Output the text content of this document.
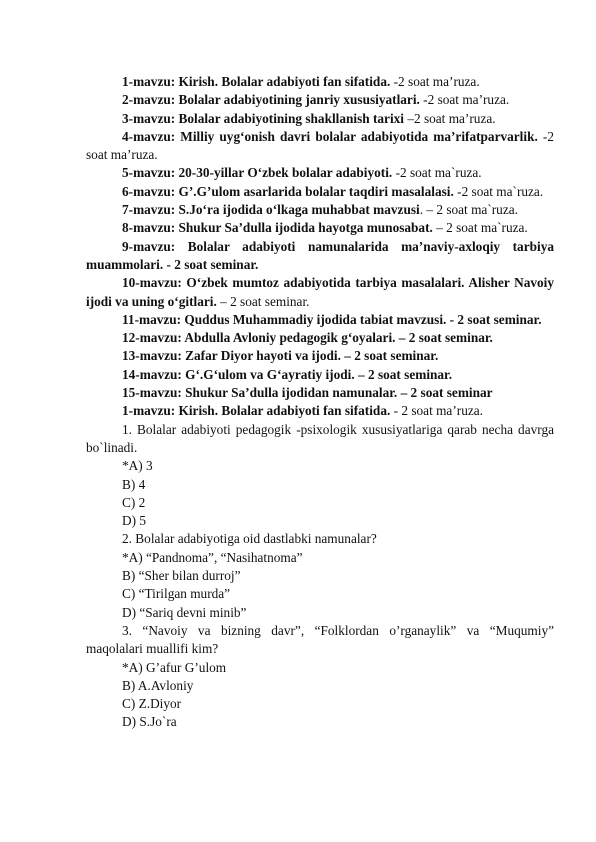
1-mavzu: Kirish. Bolalar adabiyoti fan sifatida. -2 soat ma’ruza.

2-mavzu: Bolalar adabiyotining janriy xususiyatlari. -2 soat ma’ruza.

3-mavzu: Bolalar adabiyotining shakllanish tarixi –2 soat ma’ruza.

4-mavzu: Milliy uyg‘onish davri bolalar adabiyotida ma’rifatparvarlik. -2 soat ma’ruza.

5-mavzu: 20-30-yillar O‘zbek bolalar adabiyoti. -2 soat ma`ruza.

6-mavzu: G’.G’ulom asarlarida bolalar taqdiri masalalasi. -2 soat ma`ruza.

7-mavzu: S.Jo‘ra ijodida o‘lkaga muhabbat mavzusi. – 2 soat ma`ruza.

8-mavzu: Shukur Sa’dulla ijodida hayotga munosabat. – 2 soat ma`ruza.

9-mavzu: Bolalar adabiyoti namunalarida ma’naviy-axloqiy tarbiya muammolari. - 2 soat seminar.

10-mavzu: O‘zbek mumtoz adabiyotida tarbiya masalalari. Alisher Navoiy ijodi va uning o‘gitlari. – 2 soat seminar.

11-mavzu: Quddus Muhammadiy ijodida tabiat mavzusi. - 2 soat seminar.

12-mavzu: Abdulla Avloniy pedagogik g‘oyalari. – 2 soat seminar.

13-mavzu: Zafar Diyor hayoti va ijodi. – 2 soat seminar.

14-mavzu: G‘.G‘ulom va G‘ayratiy ijodi. – 2 soat seminar.

15-mavzu: Shukur Sa’dulla ijodidan namunalar. – 2 soat seminar

1-mavzu: Kirish. Bolalar adabiyoti fan sifatida. - 2 soat ma’ruza.

1. Bolalar adabiyoti pedagogik -psixologik xususiyatlariga qarab necha davrga bo`linadi.

*A) 3

B) 4

C) 2

D) 5

2. Bolalar adabiyotiga oid dastlabki namunalar?

*A) “Pandnoma”, “Nasihatnoma”

B) “Sher bilan durroj”

C) “Tirilgan murda”

D) “Sariq devni minib”

3. “Navoiy va bizning davr”, “Folklordan o’rganaylik” va “Muqumiy” maqolalari muallifi kim?

*A) G’afur G’ulom

B) A.Avloniy

C) Z.Diyor

D) S.Jo`ra
